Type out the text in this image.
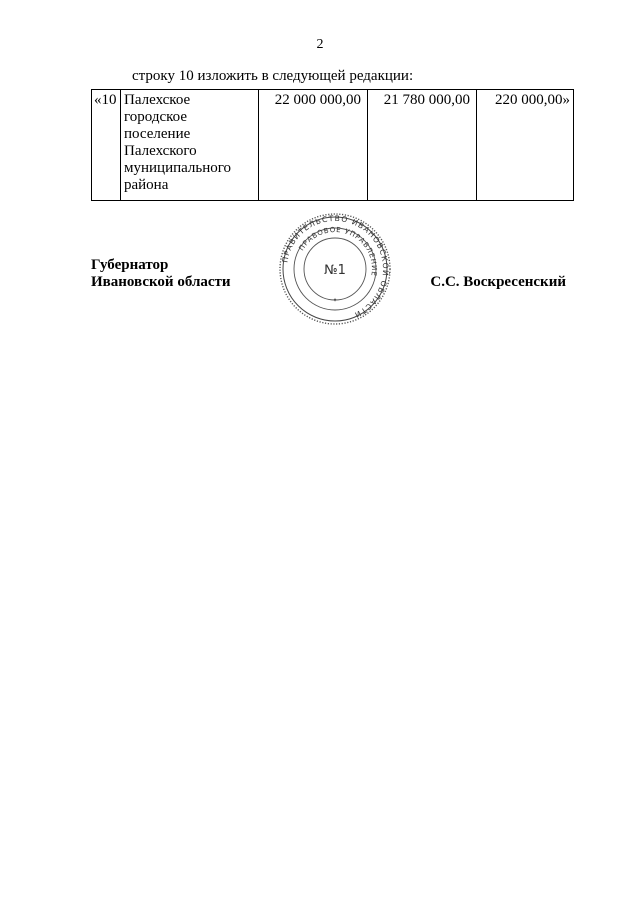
2
строку 10 изложить в следующей редакции:
«10	Палехское городское поселение Палехского муниципального района	22 000 000,00	21 780 000,00	220 000,00»
Губернатор
Ивановской области	С.С. Воскресенский
ПРАВИТЕЛЬСТВО ИВАНОВСКОЙ ОБЛАСТИ
ПРАВОВОЕ УПРАВЛЕНИЕ
№1
✦
